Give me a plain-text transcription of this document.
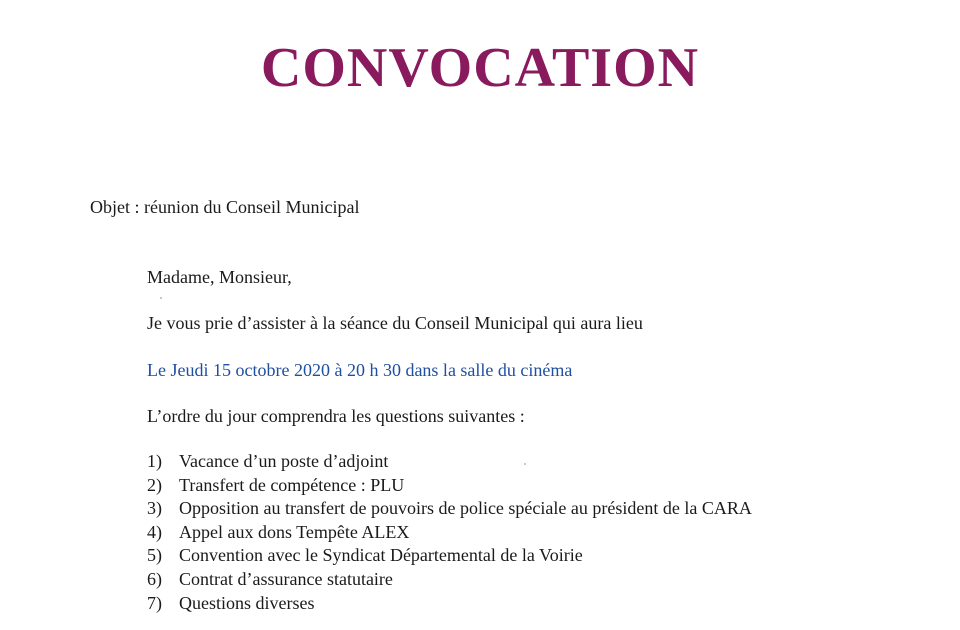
CONVOCATION
Objet : réunion du Conseil Municipal
Madame, Monsieur,
Je vous prie d’assister à la séance du Conseil Municipal qui aura lieu
Le Jeudi 15 octobre 2020 à 20 h 30 dans la salle du cinéma
L’ordre du jour comprendra les questions suivantes :
1) Vacance d’un poste d’adjoint
2) Transfert de compétence : PLU
3) Opposition au transfert de pouvoirs de police spéciale au président de la CARA
4) Appel aux dons Tempête ALEX
5) Convention avec le Syndicat Départemental de la Voirie
6) Contrat d’assurance statutaire
7) Questions diverses
